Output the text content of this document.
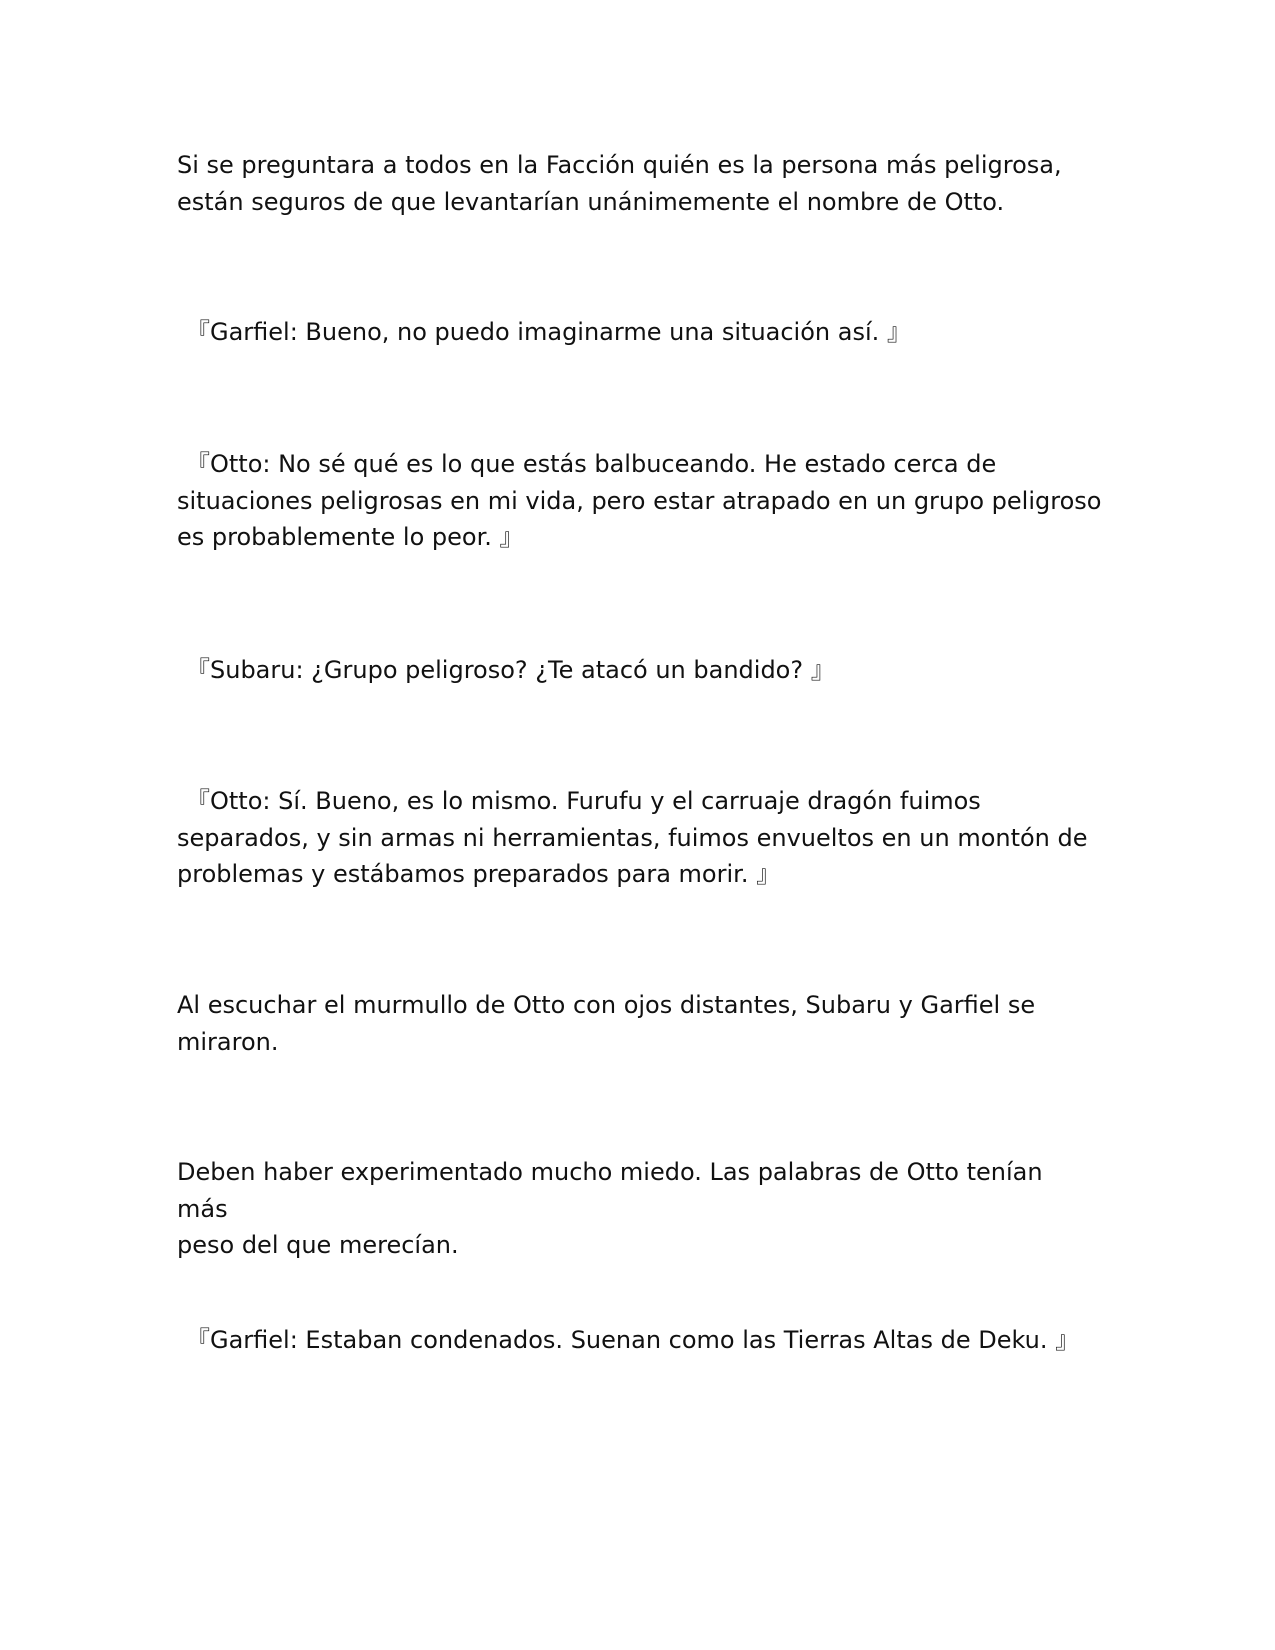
Si se preguntara a todos en la Facción quién es la persona más peligrosa,
están seguros de que levantarían unánimemente el nombre de Otto.

『Garfiel: Bueno, no puedo imaginarme una situación así. 』

『Otto: No sé qué es lo que estás balbuceando. He estado cerca de
situaciones peligrosas en mi vida, pero estar atrapado en un grupo peligroso
es probablemente lo peor. 』

『Subaru: ¿Grupo peligroso? ¿Te atacó un bandido? 』

『Otto: Sí. Bueno, es lo mismo. Furufu y el carruaje dragón fuimos
separados, y sin armas ni herramientas, fuimos envueltos en un montón de
problemas y estábamos preparados para morir. 』

Al escuchar el murmullo de Otto con ojos distantes, Subaru y Garfiel se
miraron.

Deben haber experimentado mucho miedo. Las palabras de Otto tenían más
peso del que merecían.

『Garfiel: Estaban condenados. Suenan como las Tierras Altas de Deku. 』
